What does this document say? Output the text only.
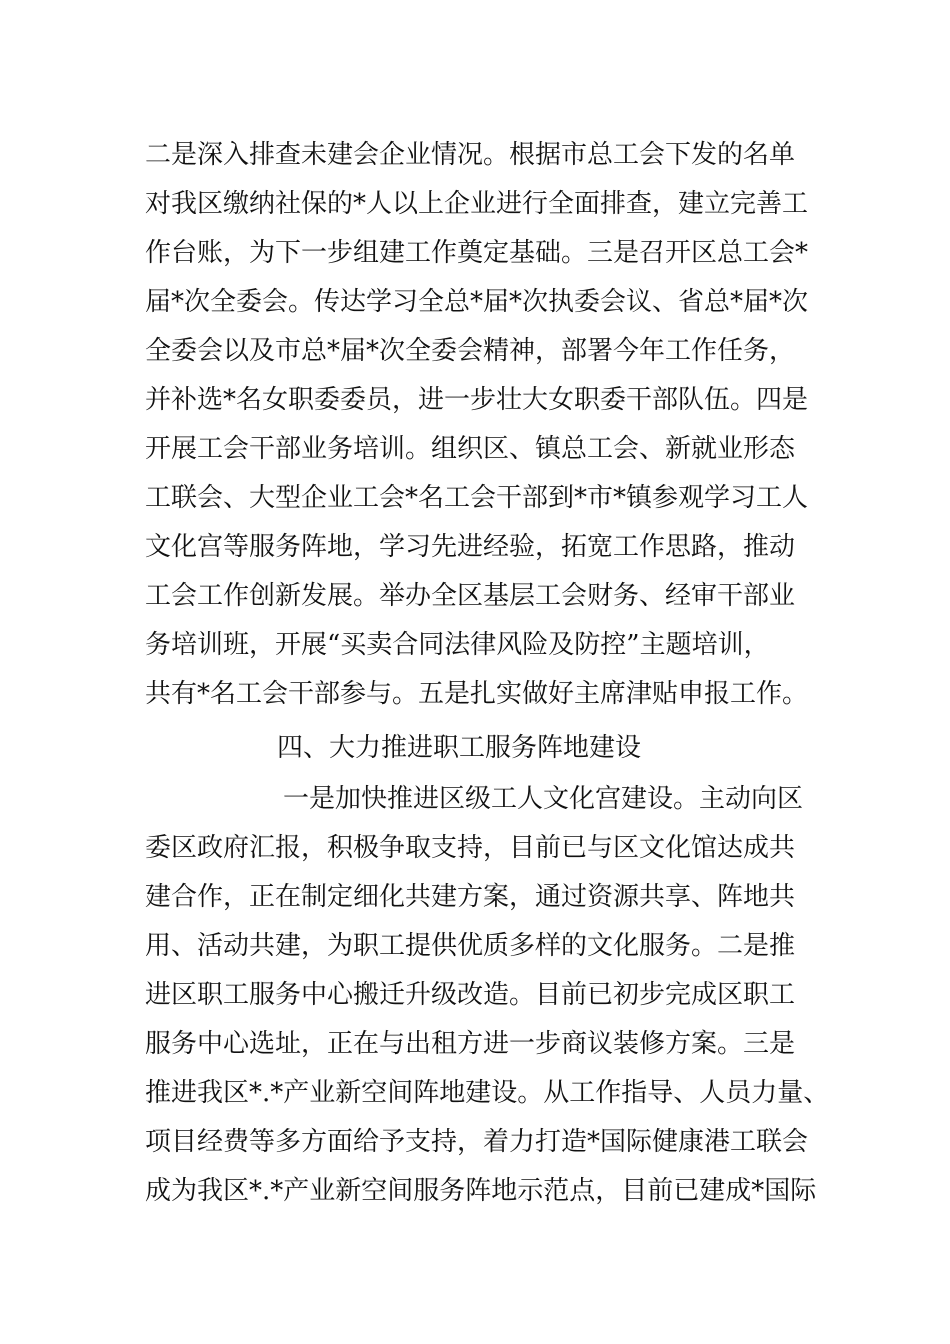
二是深入排查未建会企业情况。根据市总工会下发的名单
对我区缴纳社保的*人以上企业进行全面排查，建立完善工
作台账，为下一步组建工作奠定基础。三是召开区总工会*
届*次全委会。传达学习全总*届*次执委会议、省总*届*次
全委会以及市总*届*次全委会精神，部署今年工作任务，
并补选*名女职委委员，进一步壮大女职委干部队伍。四是
开展工会干部业务培训。组织区、镇总工会、新就业形态
工联会、大型企业工会*名工会干部到*市*镇参观学习工人
文化宫等服务阵地，学习先进经验，拓宽工作思路，推动
工会工作创新发展。举办全区基层工会财务、经审干部业
务培训班，开展“买卖合同法律风险及防控”主题培训，
共有*名工会干部参与。五是扎实做好主席津贴申报工作。
四、大力推进职工服务阵地建设
一是加快推进区级工人文化宫建设。主动向区
委区政府汇报，积极争取支持，目前已与区文化馆达成共
建合作，正在制定细化共建方案，通过资源共享、阵地共
用、活动共建，为职工提供优质多样的文化服务。二是推
进区职工服务中心搬迁升级改造。目前已初步完成区职工
服务中心选址，正在与出租方进一步商议装修方案。三是
推进我区*.*产业新空间阵地建设。从工作指导、人员力量、
项目经费等多方面给予支持，着力打造*国际健康港工联会
成为我区*.*产业新空间服务阵地示范点，目前已建成*国际
